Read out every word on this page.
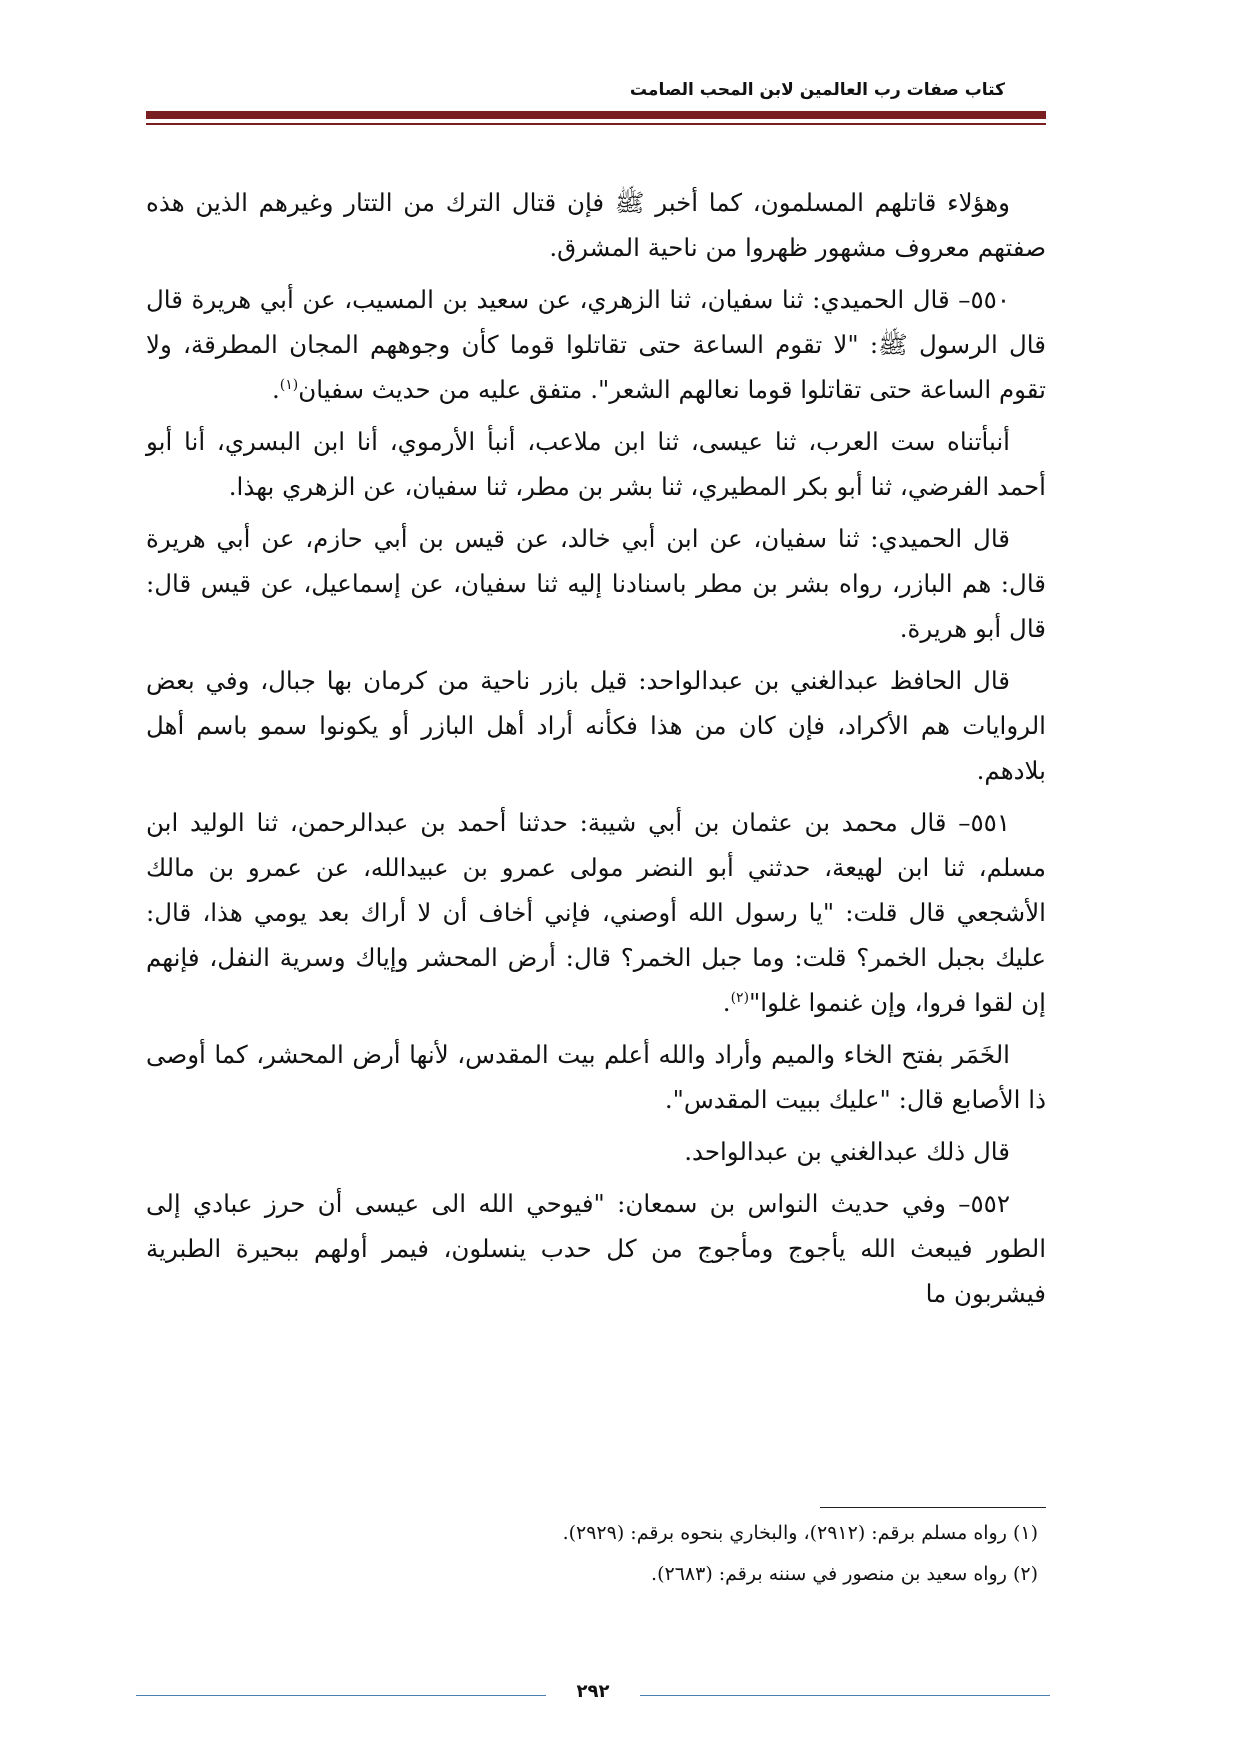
كتاب صفات رب العالمين لابن المحب الصامت

وهؤلاء قاتلهم المسلمون، كما أخبر ﷺ فإن قتال الترك من التتار وغيرهم الذين هذه صفتهم معروف مشهور ظهروا من ناحية المشرق.

٥٥٠– قال الحميدي: ثنا سفيان، ثنا الزهري، عن سعيد بن المسيب، عن أبي هريرة قال قال الرسول ﷺ: "لا تقوم الساعة حتى تقاتلوا قوما كأن وجوههم المجان المطرقة، ولا تقوم الساعة حتى تقاتلوا قوما نعالهم الشعر". متفق عليه من حديث سفيان$^{(١)}$.

أنبأتناه ست العرب، ثنا عيسى، ثنا ابن ملاعب، أنبأ الأرموي، أنا ابن البسري، أنا أبو أحمد الفرضي، ثنا أبو بكر المطيري، ثنا بشر بن مطر، ثنا سفيان، عن الزهري بهذا.

قال الحميدي: ثنا سفيان، عن ابن أبي خالد، عن قيس بن أبي حازم، عن أبي هريرة قال: هم البازر، رواه بشر بن مطر باسنادنا إليه ثنا سفيان، عن إسماعيل، عن قيس قال: قال أبو هريرة.

قال الحافظ عبدالغني بن عبدالواحد: قيل بازر ناحية من كرمان بها جبال، وفي بعض الروايات هم الأكراد، فإن كان من هذا فكأنه أراد أهل البازر أو يكونوا سمو باسم أهل بلادهم.

٥٥١– قال محمد بن عثمان بن أبي شيبة: حدثنا أحمد بن عبدالرحمن، ثنا الوليد ابن مسلم، ثنا ابن لهيعة، حدثني أبو النضر مولى عمرو بن عبيدالله، عن عمرو بن مالك الأشجعي قال قلت: "يا رسول الله أوصني، فإني أخاف أن لا أراك بعد يومي هذا، قال: عليك بجبل الخمر؟ قلت: وما جبل الخمر؟ قال: أرض المحشر وإياك وسرية النفل، فإنهم إن لقوا فروا، وإن غنموا غلوا"$^{(٢)}$.

الخَمَر بفتح الخاء والميم وأراد والله أعلم بيت المقدس، لأنها أرض المحشر، كما أوصى ذا الأصابع قال: "عليك ببيت المقدس".

قال ذلك عبدالغني بن عبدالواحد.

٥٥٢– وفي حديث النواس بن سمعان: "فيوحي الله الى عيسى أن حرز عبادي إلى الطور فيبعث الله يأجوج ومأجوج من كل حدب ينسلون، فيمر أولهم ببحيرة الطبرية فيشربون ما

(١) رواه مسلم برقم: (٢٩١٢)، والبخاري بنحوه برقم: (٢٩٢٩).

(٢) رواه سعيد بن منصور في سننه برقم: (٢٦٨٣).

٢٩٢
